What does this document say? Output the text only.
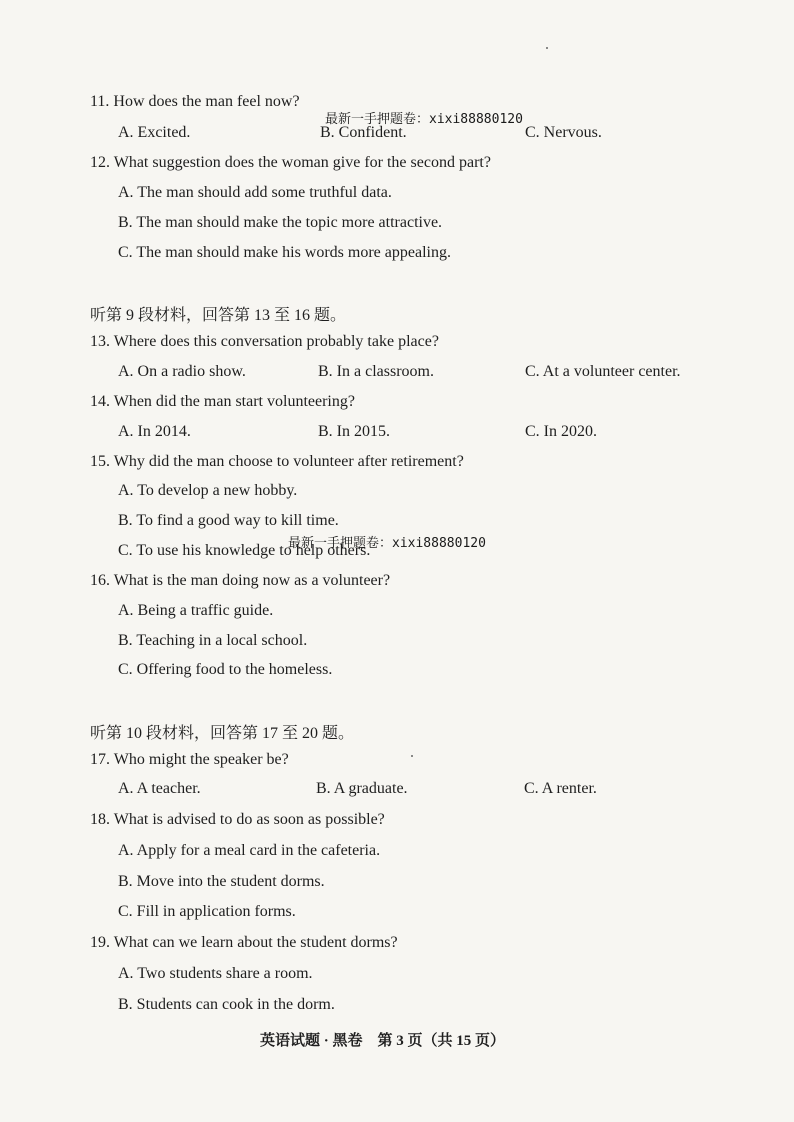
11. How does the man feel now?
最新一手押题卷：xixi88880120
A. Excited.	B. Confident.	C. Nervous.
12. What suggestion does the woman give for the second part?
A. The man should add some truthful data.
B. The man should make the topic more attractive.
C. The man should make his words more appealing.
听第 9 段材料，回答第 13 至 16 题。
13. Where does this conversation probably take place?
A. On a radio show.	B. In a classroom.	C. At a volunteer center.
14. When did the man start volunteering?
A. In 2014.	B. In 2015.	C. In 2020.
15. Why did the man choose to volunteer after retirement?
A. To develop a new hobby.
B. To find a good way to kill time.
最新一手押题卷：xixi88880120
C. To use his knowledge to help others.
16. What is the man doing now as a volunteer?
A. Being a traffic guide.
B. Teaching in a local school.
C. Offering food to the homeless.
听第 10 段材料，回答第 17 至 20 题。
17. Who might the speaker be?
A. A teacher.	B. A graduate.	C. A renter.
18. What is advised to do as soon as possible?
A. Apply for a meal card in the cafeteria.
B. Move into the student dorms.
C. Fill in application forms.
19. What can we learn about the student dorms?
A. Two students share a room.
B. Students can cook in the dorm.
英语试题 · 黑卷　第 3 页（共 15 页）
